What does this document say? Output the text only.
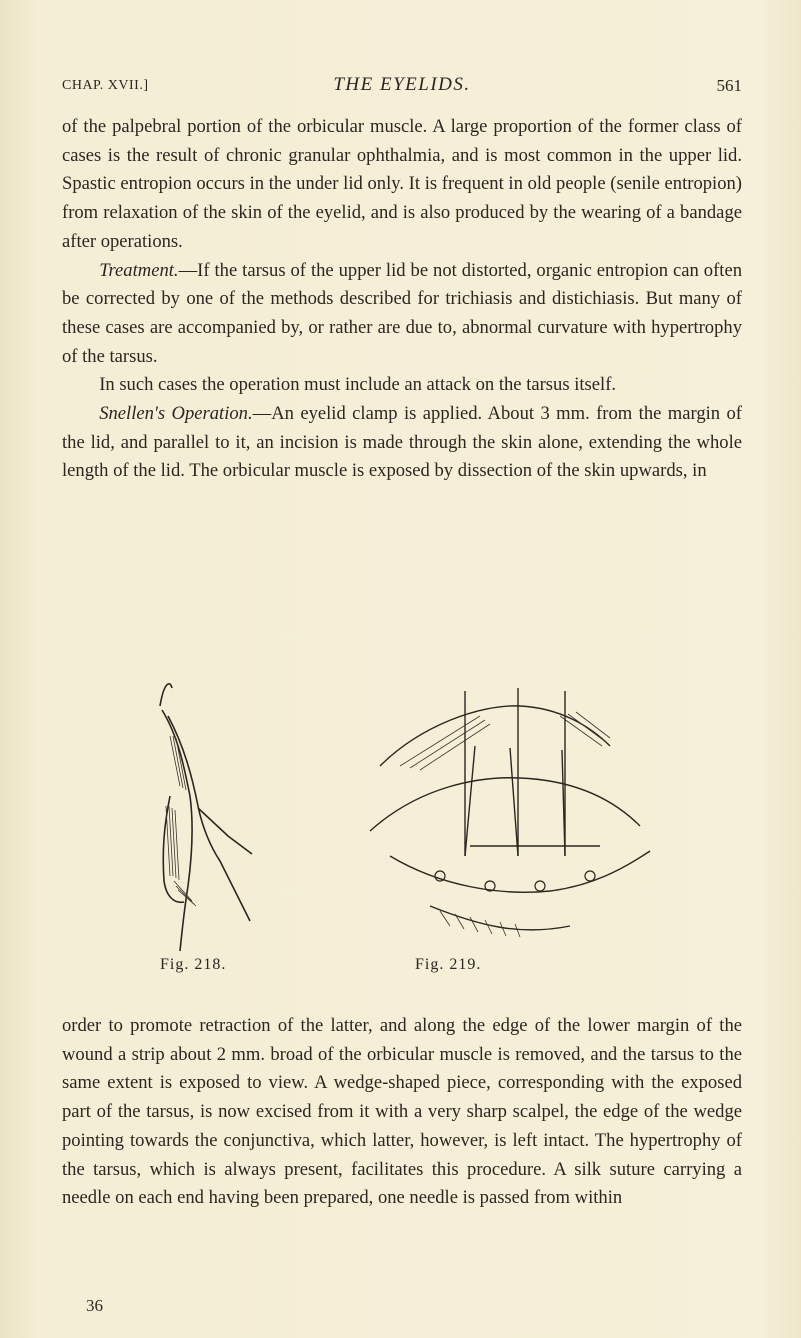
CHAP. XVII.]	THE EYELIDS.	561

of the palpebral portion of the orbicular muscle. A large proportion of the former class of cases is the result of chronic granular ophthalmia, and is most common in the upper lid. Spastic entropion occurs in the under lid only. It is frequent in old people (senile entropion) from relaxation of the skin of the eyelid, and is also produced by the wearing of a bandage after operations.

Treatment.—If the tarsus of the upper lid be not distorted, organic entropion can often be corrected by one of the methods described for trichiasis and distichiasis. But many of these cases are accompanied by, or rather are due to, abnormal curvature with hypertrophy of the tarsus.

In such cases the operation must include an attack on the tarsus itself.

Snellen's Operation.—An eyelid clamp is applied. About 3 mm. from the margin of the lid, and parallel to it, an incision is made through the skin alone, extending the whole length of the lid. The orbicular muscle is exposed by dissection of the skin upwards, in

Fig. 218.	Fig. 219.

order to promote retraction of the latter, and along the edge of the lower margin of the wound a strip about 2 mm. broad of the orbicular muscle is removed, and the tarsus to the same extent is exposed to view. A wedge-shaped piece, corresponding with the exposed part of the tarsus, is now excised from it with a very sharp scalpel, the edge of the wedge pointing towards the conjunctiva, which latter, however, is left intact. The hypertrophy of the tarsus, which is always present, facilitates this procedure. A silk suture carrying a needle on each end having been prepared, one needle is passed from within

36
